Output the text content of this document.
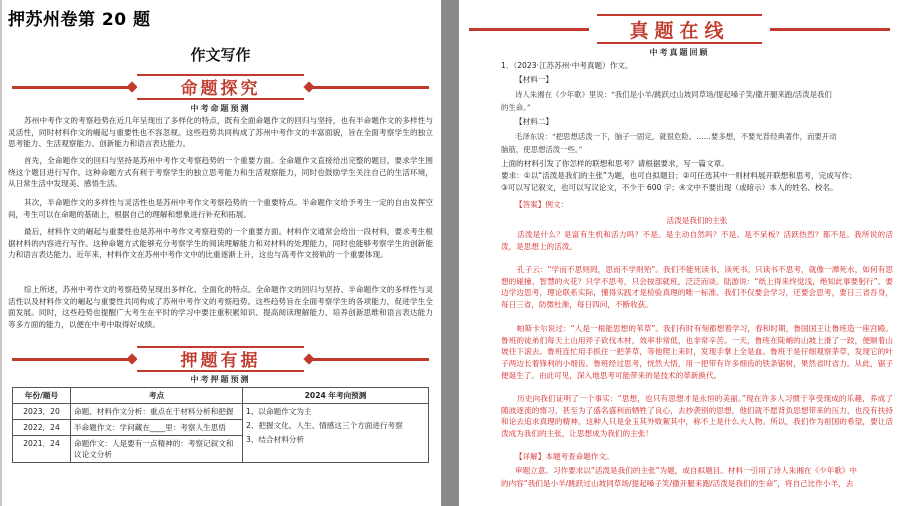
押苏州卷第 20 题
作文写作
命题探究
中考命题预测
苏州中考作文的考察趋势在近几年呈现出了多样化的特点，既有全面命题作文的回归与坚持，也有半命题作文的多样性与灵活性，同时材料作文的崛起与重要性也不容忽视。这些趋势共同构成了苏州中考作文的丰富面貌，旨在全面考察学生的独立思考能力、生活观察能力、创新能力和语言表达能力。
首先，全命题作文的回归与坚持是苏州中考作文考察趋势的一个重要方面。全命题作文直接给出完整的题目，要求学生围绕这个题目进行写作。这种命题方式有利于考察学生的独立思考能力和生活观察能力，同时也鼓励学生关注自己的生活环境，从日常生活中发现美、感悟生活。
其次，半命题作文的多样性与灵活性也是苏州中考作文考察趋势的一个重要特点。半命题作文给予考生一定的自由发挥空间，考生可以在命题的基础上，根据自己的理解和想象进行补充和拓展。
最后，材料作文的崛起与重要性也是苏州中考作文考察趋势的一个重要方面。材料作文通常会给出一段材料，要求考生根据材料的内容进行写作。这种命题方式能够充分考察学生的阅读理解能力和对材料的处理能力，同时也能够考察学生的创新能力和语言表达能力。近年来，材料作文在苏州中考作文中的比重逐渐上升，这也与高考作文接轨的一个重要体现。
综上所述，苏州中考作文的考察趋势呈现出多样化、全面化的特点。全命题作文的回归与坚持、半命题作文的多样性与灵活性以及材料作文的崛起与重要性共同构成了苏州中考作文的考察趋势。这些趋势旨在全面考察学生的各项能力，促进学生全面发展。同时，这些趋势也提醒广大考生在平时的学习中要注重积累知识、提高阅读理解能力、培养创新思维和语言表达能力等多方面的能力，以便在中考中取得好成绩。
押题有据
中考押题预测
年份/题号	考点	2024 年考向预测
2023．20	命题、材料作文分析：重点在于材料分析和把握	1、以命题作文为主
2、把握文化、人生、情感这三个方面进行考察
3、结合材料分析

2022．24	半命题作文：学问藏在____里：考察人生思悟	
2021．24	命题作文：人是要有一点精神的：考察记叙文和议论文分析	
真题在线
中考真题回顾
1．（2023·江苏苏州·中考真题）作文。
【材料一】
诗人朱湘在《少年歌》里说：“我们是小羊/跳跃过山坡同草场/提起嗓子笑/撒开腿来跑/活泼是我们
的生命。”
【材料二】
毛泽东说：“把思想活泼一下，脑子一固定，就很危险。……要多想，不要光背经典著作，而要开动
脑筋，使思想活泼一些。”
上面的材料引发了你怎样的联想和思考？请根据要求，写一篇文章。
要求：①以“活泼是我们的主张”为题，也可自拟题目；②可任选其中一则材料展开联想和思考，完成写作；
③可以写记叙文，也可以写议论文，不少于 600 字；④文中不要出现（或暗示）本人的姓名、校名。
【答案】例文：
活泼是我们的主张
活泼是什么？是富有生机和活力吗？不是。是主动自然吗？不是。是不呆板？活跃热烈？都不是。我所说的活泼，是思想上的活泼。
孔子云：“学而不思则罔，思而不学则殆”。我们不能死读书，读死书。只读书不思考，就像一潭死水，如何有思想的碰撞、智慧的火花？只学不思考，只会按部就班，泛泛而谈。陆游说：“纸上得来终觉浅，绝知此事要躬行”。要边学边思考，理论联系实际，懂得实践才是检验真理的唯一标准。我们不仅要会学习，还要会思考，要日三省吾身，每日三省，防微杜渐，每日四问，不断收获。
帕斯卡尔说过：“人是一根能思想的苇草”。我们有时有刻都想着学习，春和时期，鲁国国王让鲁班造一座宫殿。鲁班的徒弟们每天上山用斧子砍伐木材，效率非常低，也非常辛苦。一天，鲁班在陡峭的山坡上滑了一跤，便顺着山坡往下滚去。鲁班连忙用手抓住一把茅草，等他爬上来时，发现手掌上全是血。鲁班于是仔细观察茅草，发现它的叶子两边长着锋利的小细齿。鲁班经过思考，恍然大悟，用一把带有许多细齿的铁条锯树，果然省时省力。从此，锯子便诞生了。由此可见，深入地思考可能带来的是技术的革新换代。
历史向我们证明了一个事实：“思想，也只有思想才是永恒的美丽。”现在许多人习惯于享受现成的乐趣，养成了随波逐流的惰习，甚至为了盛名盛利而牺牲了良心，去抄袭别的思想，他们就不愿背负思想带来的压力，也没有扶持和论去追求真理的精神。这种人只是金玉其外败絮其中，称不上是什么大人物。所以，我们作为祖国的希望，要让活泼成为我们的主张，让思想成为我们的主张！
【详解】本题考查命题作文。
审题立意。习作要求以“活泼是我们的主张”为题，或自拟题目。材料一引用了诗人朱湘在《少年歌》中
的内容“我们是小羊/跳跃过山坡同草场/提起嗓子笑/撒开腿来跑/活泼是我们的生命”，将自己比作小羊，去
